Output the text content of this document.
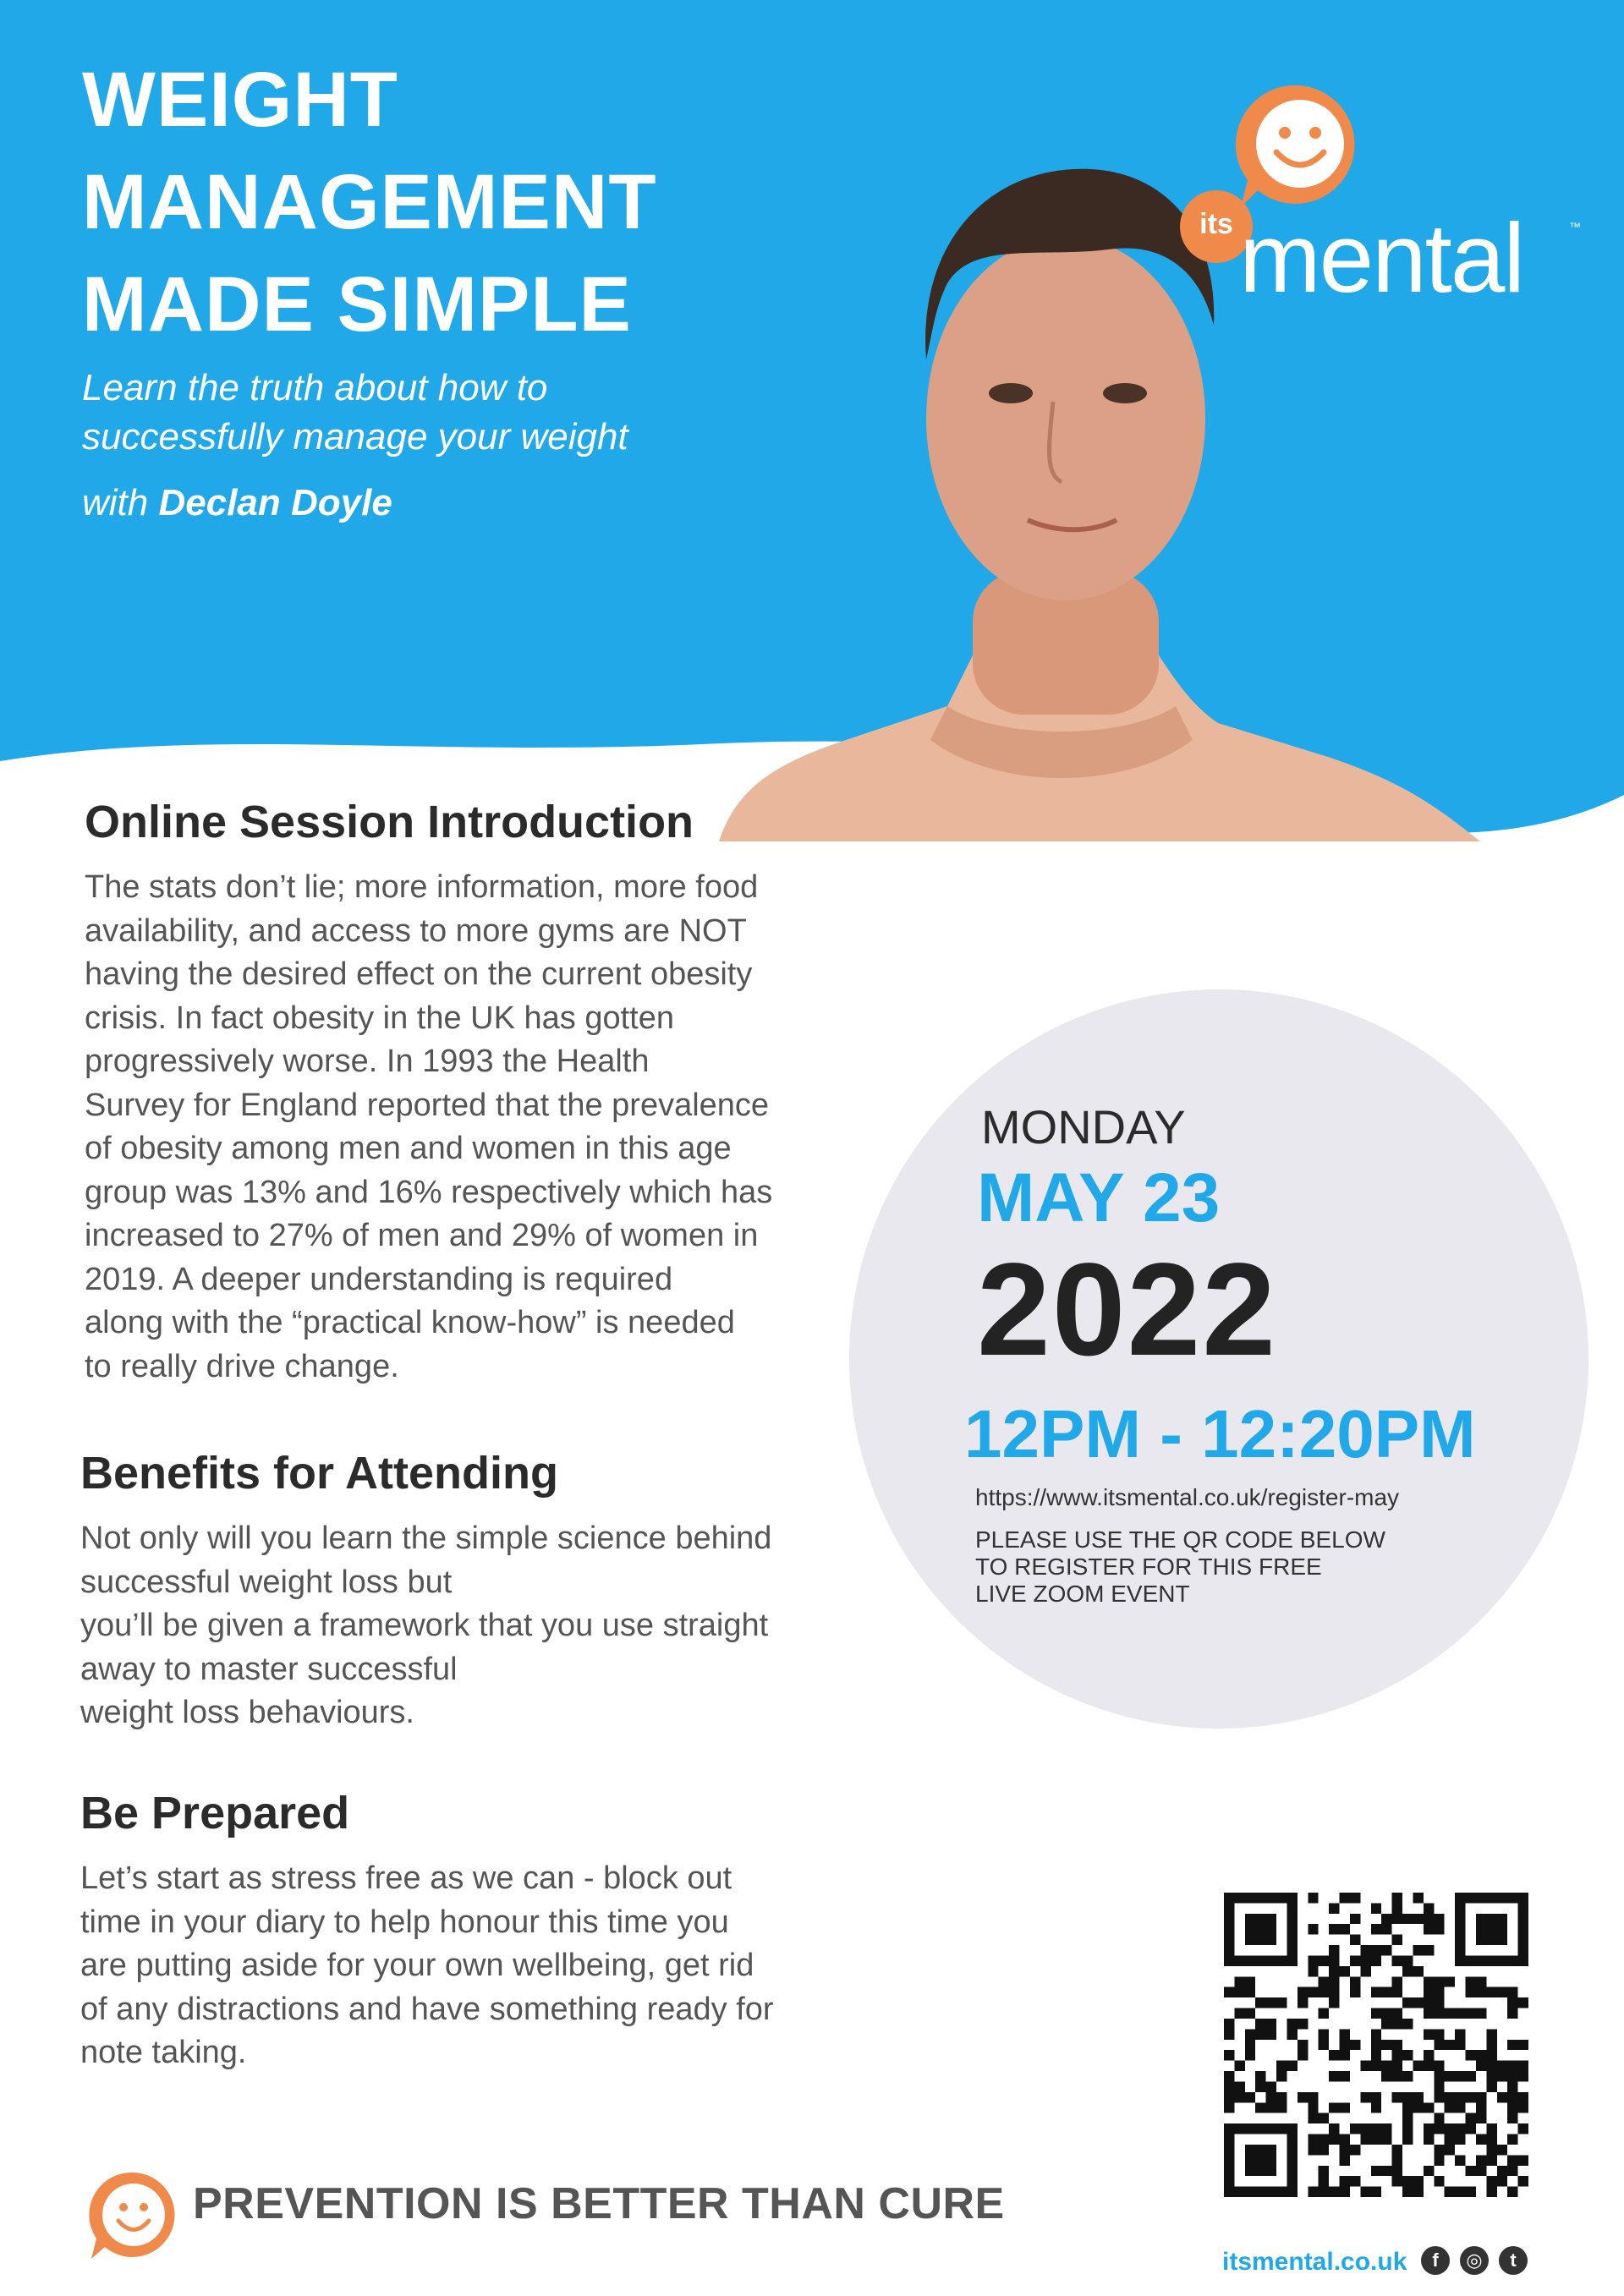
WEIGHT
MANAGEMENT
MADE SIMPLE
Learn the truth about how to
successfully manage your weight
with Declan Doyle
its mental	™
Online Session Introduction
The stats don’t lie; more information, more food
availability, and access to more gyms are NOT
having the desired effect on the current obesity
crisis. In fact obesity in the UK has gotten
progressively worse. In 1993 the Health
Survey for England reported that the prevalence
of obesity among men and women in this age
group was 13% and 16% respectively which has
increased to 27% of men and 29% of women in
2019. A deeper understanding is required
along with the “practical know-how” is needed
to really drive change.
Benefits for Attending
Not only will you learn the simple science behind
successful weight loss but
you’ll be given a framework that you use straight
away to master successful
weight loss behaviours.
Be Prepared
Let’s start as stress free as we can - block out
time in your diary to help honour this time you
are putting aside for your own wellbeing, get rid
of any distractions and have something ready for
note taking.
MONDAY
MAY 23
2022
12PM - 12:20PM
https://www.itsmental.co.uk/register-may
PLEASE USE THE QR CODE BELOW
TO REGISTER FOR THIS FREE
LIVE ZOOM EVENT
PREVENTION IS BETTER THAN CURE
itsmental.co.uk	f	◎	t
